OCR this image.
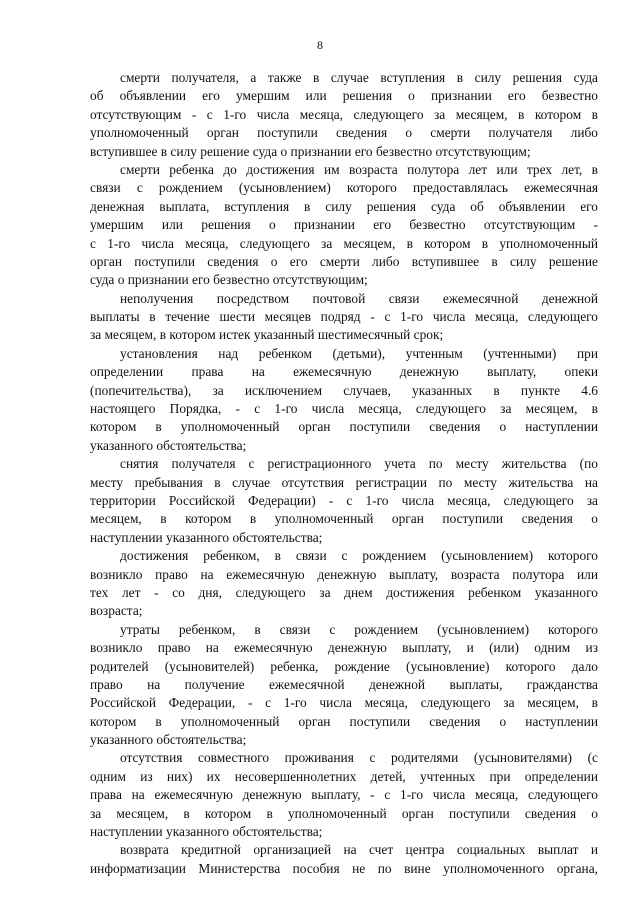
8
смерти получателя, а также в случае вступления в силу решения суда
об объявлении его умершим или решения о признании его безвестно
отсутствующим - с 1-го числа месяца, следующего за месяцем, в котором в
уполномоченный орган поступили сведения о смерти получателя либо
вступившее в силу решение суда о признании его безвестно отсутствующим;
смерти ребенка до достижения им возраста полутора лет или трех лет, в
связи с рождением (усыновлением) которого предоставлялась ежемесячная
денежная выплата, вступления в силу решения суда об объявлении его
умершим или решения о признании его безвестно отсутствующим -
с 1-го числа месяца, следующего за месяцем, в котором в уполномоченный
орган поступили сведения о его смерти либо вступившее в силу решение
суда о признании его безвестно отсутствующим;
неполучения посредством почтовой связи ежемесячной денежной
выплаты в течение шести месяцев подряд - с 1-го числа месяца, следующего
за месяцем, в котором истек указанный шестимесячный срок;
установления над ребенком (детьми), учтенным (учтенными) при
определении права на ежемесячную денежную выплату, опеки
(попечительства), за исключением случаев, указанных в пункте 4.6
настоящего Порядка, - с 1-го числа месяца, следующего за месяцем, в
котором в уполномоченный орган поступили сведения о наступлении
указанного обстоятельства;
снятия получателя с регистрационного учета по месту жительства (по
месту пребывания в случае отсутствия регистрации по месту жительства на
территории Российской Федерации) - с 1-го числа месяца, следующего за
месяцем, в котором в уполномоченный орган поступили сведения о
наступлении указанного обстоятельства;
достижения ребенком, в связи с рождением (усыновлением) которого
возникло право на ежемесячную денежную выплату, возраста полутора или
тех лет - со дня, следующего за днем достижения ребенком указанного
возраста;
утраты ребенком, в связи с рождением (усыновлением) которого
возникло право на ежемесячную денежную выплату, и (или) одним из
родителей (усыновителей) ребенка, рождение (усыновление) которого дало
право на получение ежемесячной денежной выплаты, гражданства
Российской Федерации, - с 1-го числа месяца, следующего за месяцем, в
котором в уполномоченный орган поступили сведения о наступлении
указанного обстоятельства;
отсутствия совместного проживания с родителями (усыновителями) (с
одним из них) их несовершеннолетних детей, учтенных при определении
права на ежемесячную денежную выплату, - с 1-го числа месяца, следующего
за месяцем, в котором в уполномоченный орган поступили сведения о
наступлении указанного обстоятельства;
возврата кредитной организацией на счет центра социальных выплат и
информатизации Министерства пособия не по вине уполномоченного органа,
